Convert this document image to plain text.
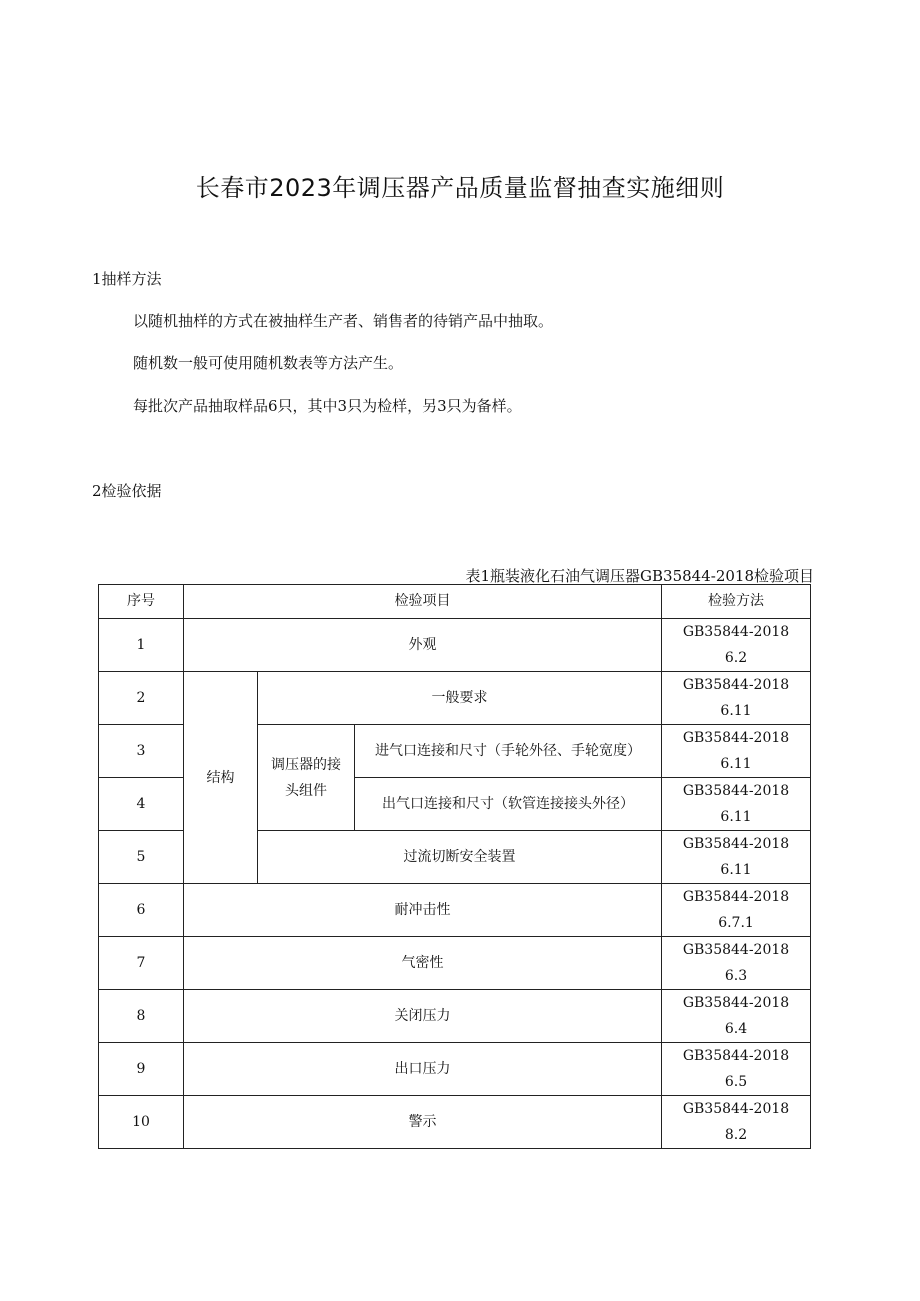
长春市2023年调压器产品质量监督抽查实施细则
1抽样方法
以随机抽样的方式在被抽样生产者、销售者的待销产品中抽取。
随机数一般可使用随机数表等方法产生。
每批次产品抽取样品6只，其中3只为检样，另3只为备样。
2检验依据
表1瓶装液化石油气调压器GB35844-2018检验项目
序号	检验项目			检验方法
1	外观			GB35844-2018
6.2

2	结构	一般要求		GB35844-2018
6.11

3		调压器的接
头组件	进气口连接和尺寸（手轮外径、手轮宽度）	GB35844-2018
6.11

4			出气口连接和尺寸（软管连接接头外径）	GB35844-2018
6.11

5		过流切断安全装置		GB35844-2018
6.11

6	耐冲击性			GB35844-2018
6.7.1

7	气密性			GB35844-2018
6.3

8	关闭压力			GB35844-2018
6.4

9	出口压力			GB35844-2018
6.5

10	警示			GB35844-2018
8.2
